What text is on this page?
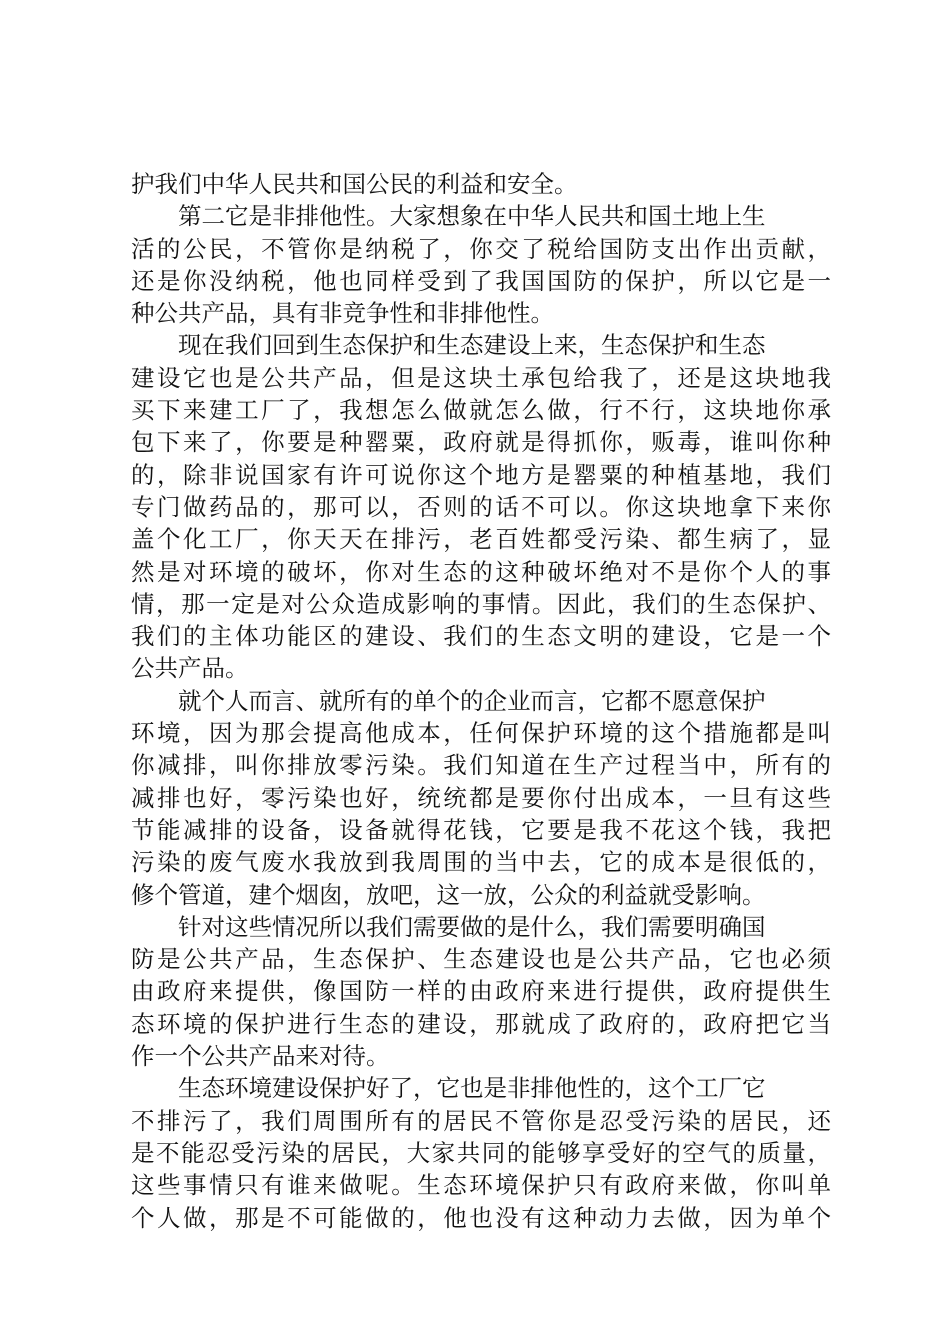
护我们中华人民共和国公民的利益和安全。
第二它是非排他性。大家想象在中华人民共和国土地上生
活的公民，不管你是纳税了，你交了税给国防支出作出贡献，
还是你没纳税，他也同样受到了我国国防的保护，所以它是一
种公共产品，具有非竞争性和非排他性。
现在我们回到生态保护和生态建设上来，生态保护和生态
建设它也是公共产品，但是这块土承包给我了，还是这块地我
买下来建工厂了，我想怎么做就怎么做，行不行，这块地你承
包下来了，你要是种罂粟，政府就是得抓你，贩毒，谁叫你种
的，除非说国家有许可说你这个地方是罂粟的种植基地，我们
专门做药品的，那可以，否则的话不可以。你这块地拿下来你
盖个化工厂，你天天在排污，老百姓都受污染、都生病了，显
然是对环境的破坏，你对生态的这种破坏绝对不是你个人的事
情，那一定是对公众造成影响的事情。因此，我们的生态保护、
我们的主体功能区的建设、我们的生态文明的建设，它是一个
公共产品。
就个人而言、就所有的单个的企业而言，它都不愿意保护
环境，因为那会提高他成本，任何保护环境的这个措施都是叫
你减排，叫你排放零污染。我们知道在生产过程当中，所有的
减排也好，零污染也好，统统都是要你付出成本，一旦有这些
节能减排的设备，设备就得花钱，它要是我不花这个钱，我把
污染的废气废水我放到我周围的当中去，它的成本是很低的，
修个管道，建个烟囱，放吧，这一放，公众的利益就受影响。
针对这些情况所以我们需要做的是什么，我们需要明确国
防是公共产品，生态保护、生态建设也是公共产品，它也必须
由政府来提供，像国防一样的由政府来进行提供，政府提供生
态环境的保护进行生态的建设，那就成了政府的，政府把它当
作一个公共产品来对待。
生态环境建设保护好了，它也是非排他性的，这个工厂它
不排污了，我们周围所有的居民不管你是忍受污染的居民，还
是不能忍受污染的居民，大家共同的能够享受好的空气的质量，
这些事情只有谁来做呢。生态环境保护只有政府来做，你叫单
个人做，那是不可能做的，他也没有这种动力去做，因为单个
